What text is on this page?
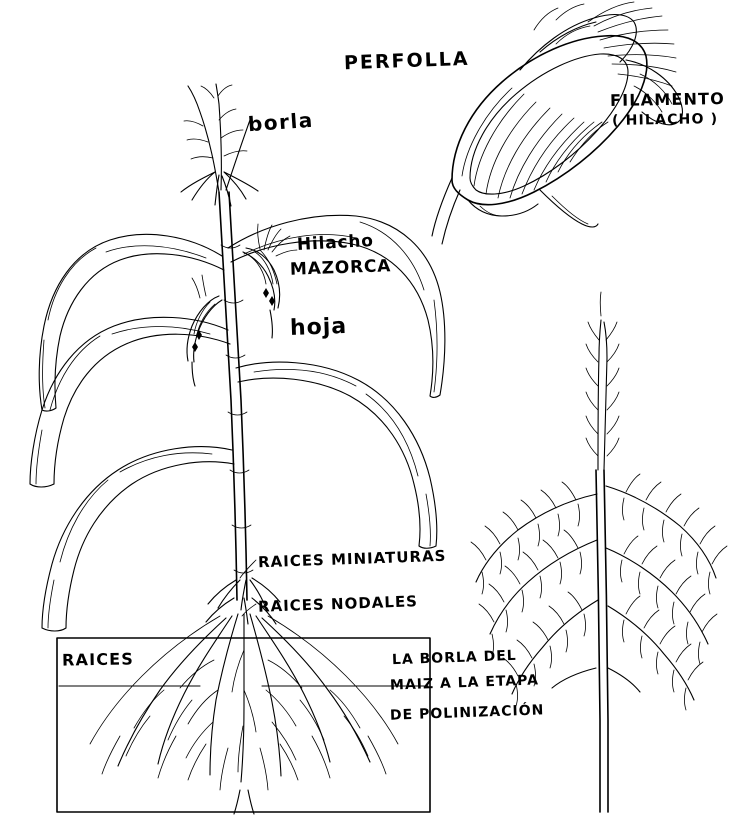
PERFOLLA
FILAMENTO
( HILACHO )
borla
Hilacho
MAZORCA
hoja
RAICES MINIATURAS
RAICES NODALES
RAICES	LA BORLA DEL
MAIZ A LA ETAPA
DE POLINIZACIÓN
